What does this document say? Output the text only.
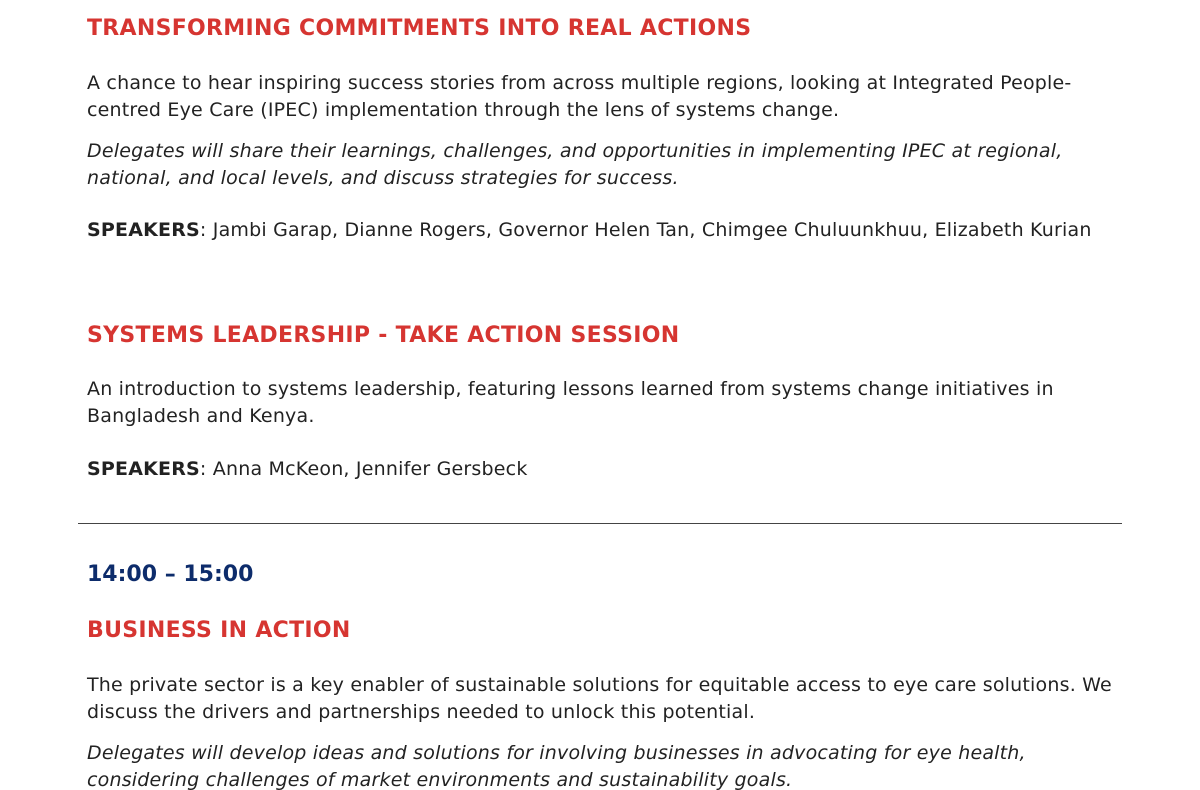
TRANSFORMING COMMITMENTS INTO REAL ACTIONS

A chance to hear inspiring success stories from across multiple regions, looking at Integrated People-centred Eye Care (IPEC) implementation through the lens of systems change.

Delegates will share their learnings, challenges, and opportunities in implementing IPEC at regional, national, and local levels, and discuss strategies for success.

SPEAKERS: Jambi Garap, Dianne Rogers, Governor Helen Tan, Chimgee Chuluunkhuu, Elizabeth Kurian

SYSTEMS LEADERSHIP - TAKE ACTION SESSION

An introduction to systems leadership, featuring lessons learned from systems change initiatives in Bangladesh and Kenya.

SPEAKERS: Anna McKeon, Jennifer Gersbeck

14:00 – 15:00
BUSINESS IN ACTION

The private sector is a key enabler of sustainable solutions for equitable access to eye care solutions. We discuss the drivers and partnerships needed to unlock this potential.

Delegates will develop ideas and solutions for involving businesses in advocating for eye health, considering challenges of market environments and sustainability goals.
